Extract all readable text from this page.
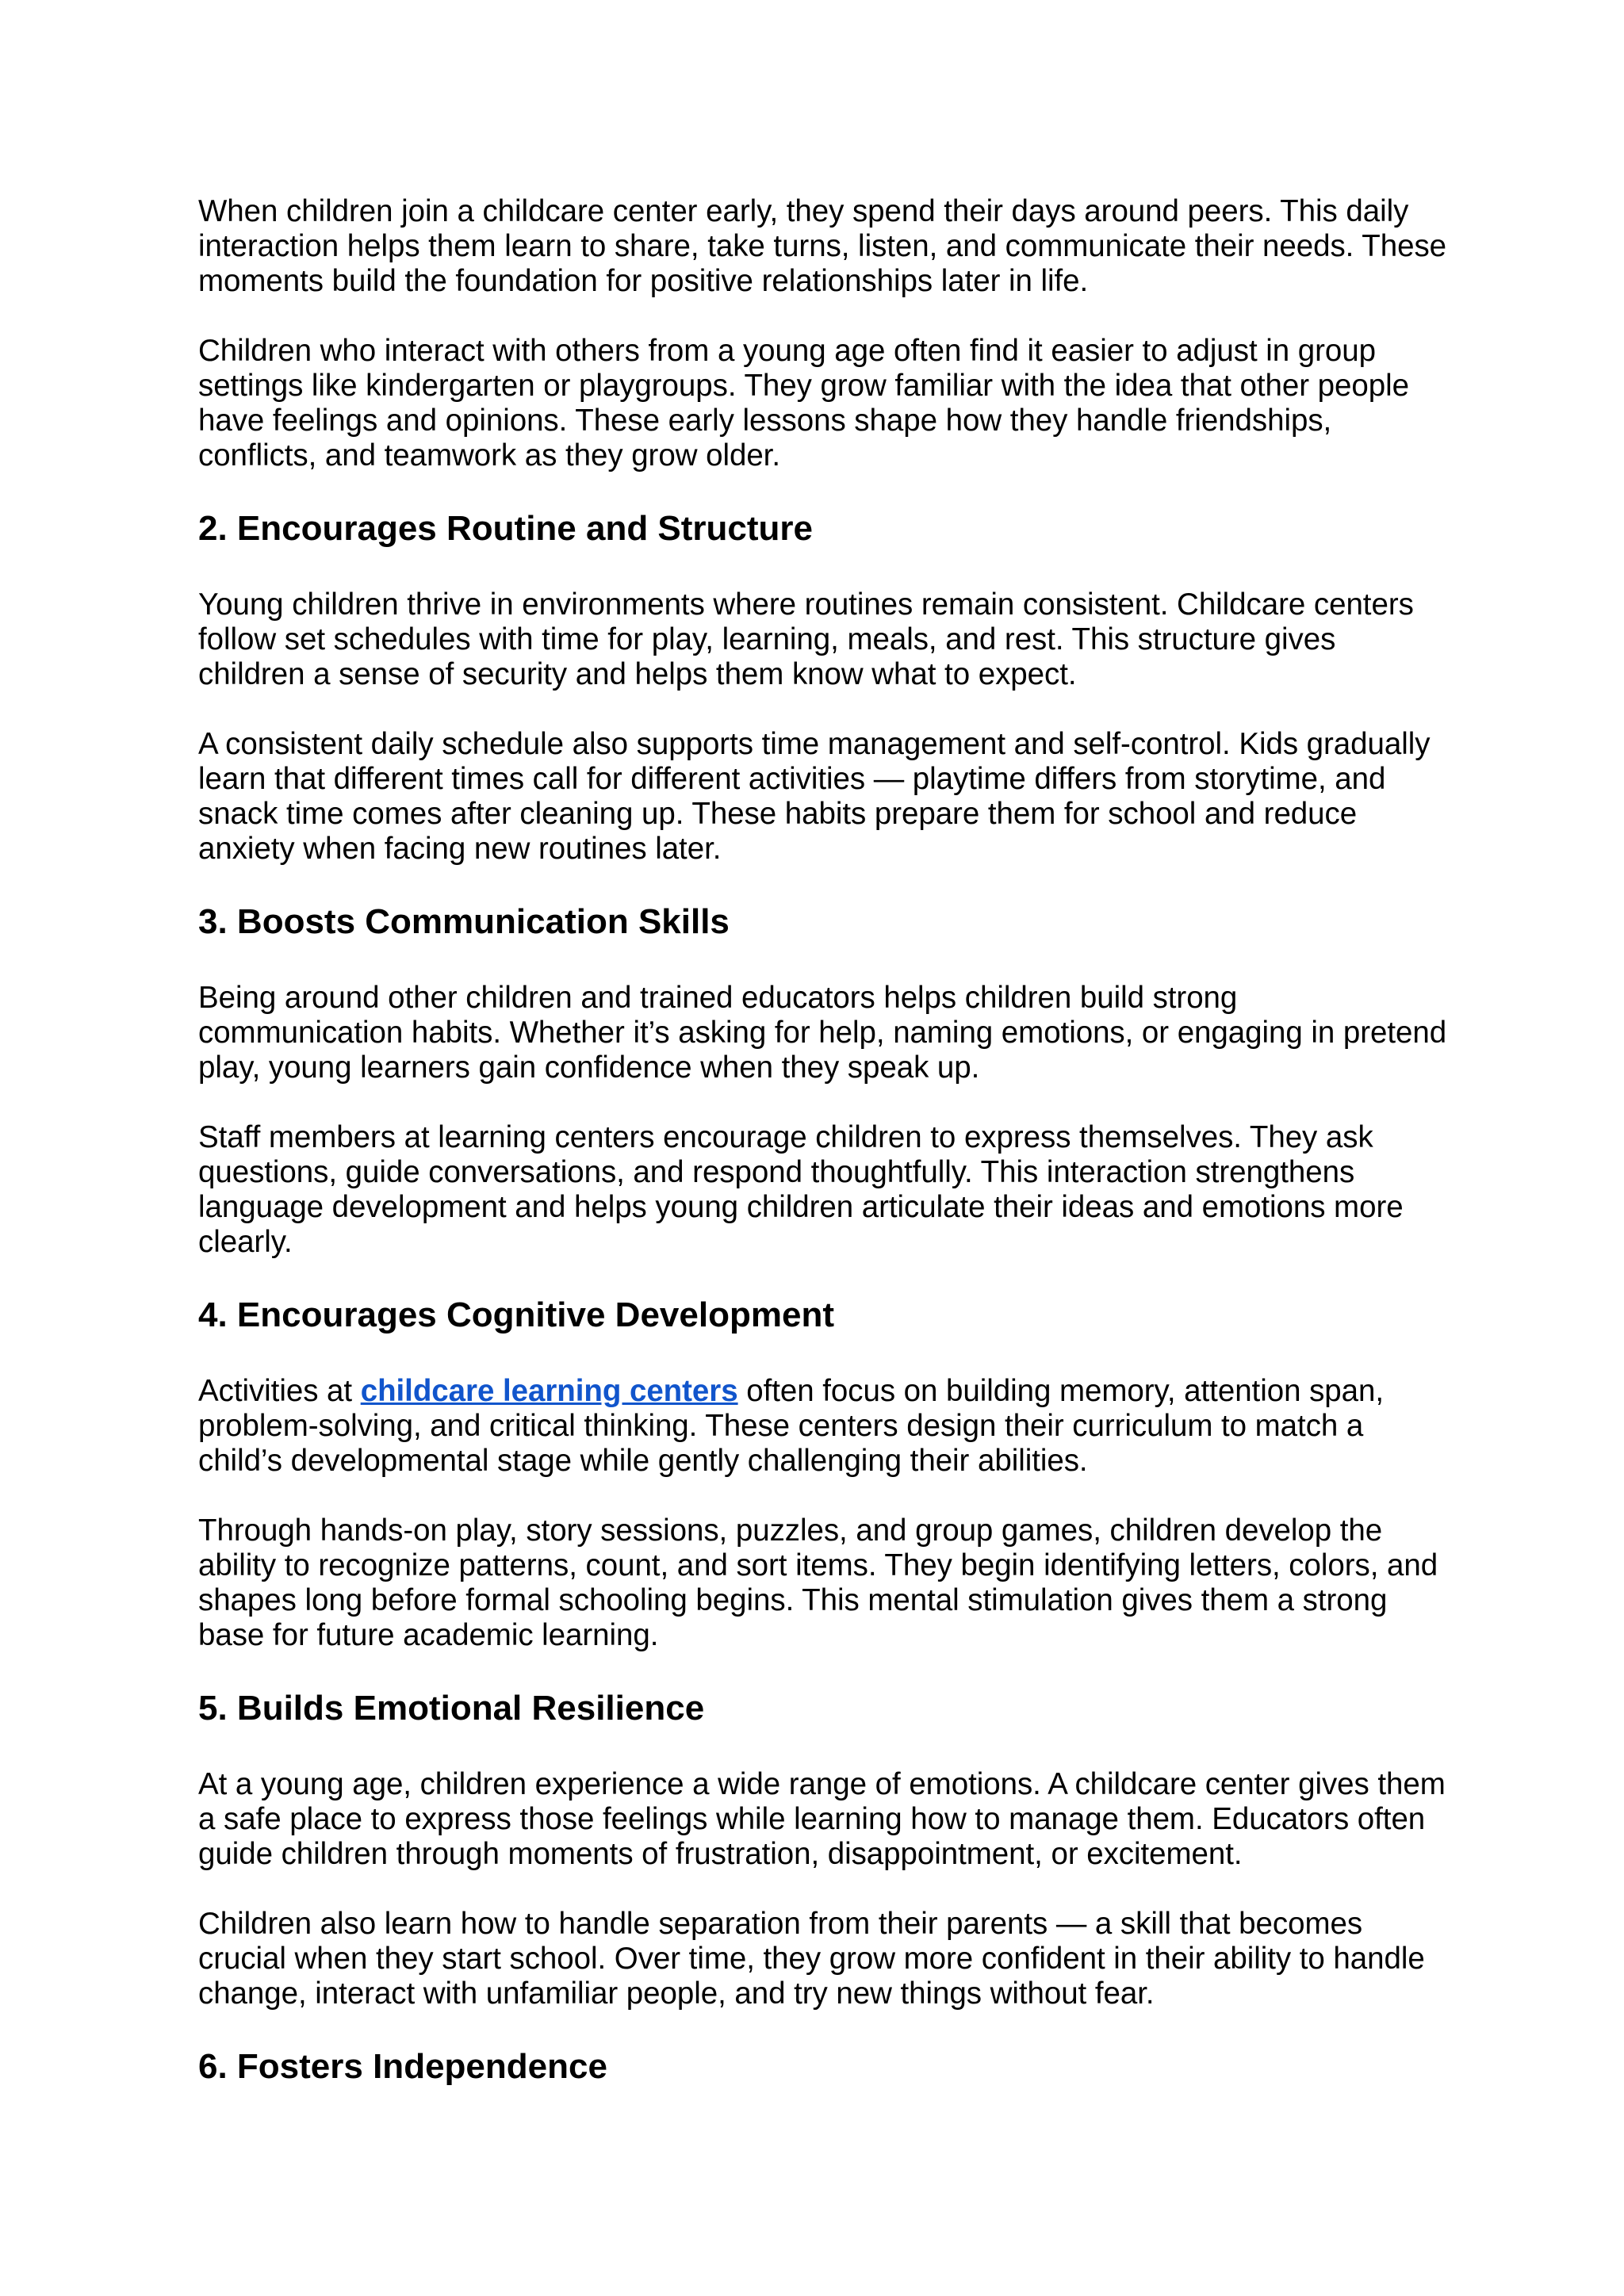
When children join a childcare center early, they spend their days around peers. This daily interaction helps them learn to share, take turns, listen, and communicate their needs. These moments build the foundation for positive relationships later in life.

Children who interact with others from a young age often find it easier to adjust in group settings like kindergarten or playgroups. They grow familiar with the idea that other people have feelings and opinions. These early lessons shape how they handle friendships, conflicts, and teamwork as they grow older.

2. Encourages Routine and Structure

Young children thrive in environments where routines remain consistent. Childcare centers follow set schedules with time for play, learning, meals, and rest. This structure gives children a sense of security and helps them know what to expect.

A consistent daily schedule also supports time management and self-control. Kids gradually learn that different times call for different activities — playtime differs from storytime, and snack time comes after cleaning up. These habits prepare them for school and reduce anxiety when facing new routines later.

3. Boosts Communication Skills

Being around other children and trained educators helps children build strong communication habits. Whether it’s asking for help, naming emotions, or engaging in pretend play, young learners gain confidence when they speak up.

Staff members at learning centers encourage children to express themselves. They ask questions, guide conversations, and respond thoughtfully. This interaction strengthens language development and helps young children articulate their ideas and emotions more clearly.

4. Encourages Cognitive Development

Activities at childcare learning centers often focus on building memory, attention span, problem-solving, and critical thinking. These centers design their curriculum to match a child’s developmental stage while gently challenging their abilities.

Through hands-on play, story sessions, puzzles, and group games, children develop the ability to recognize patterns, count, and sort items. They begin identifying letters, colors, and shapes long before formal schooling begins. This mental stimulation gives them a strong base for future academic learning.

5. Builds Emotional Resilience

At a young age, children experience a wide range of emotions. A childcare center gives them a safe place to express those feelings while learning how to manage them. Educators often guide children through moments of frustration, disappointment, or excitement.

Children also learn how to handle separation from their parents — a skill that becomes crucial when they start school. Over time, they grow more confident in their ability to handle change, interact with unfamiliar people, and try new things without fear.

6. Fosters Independence
